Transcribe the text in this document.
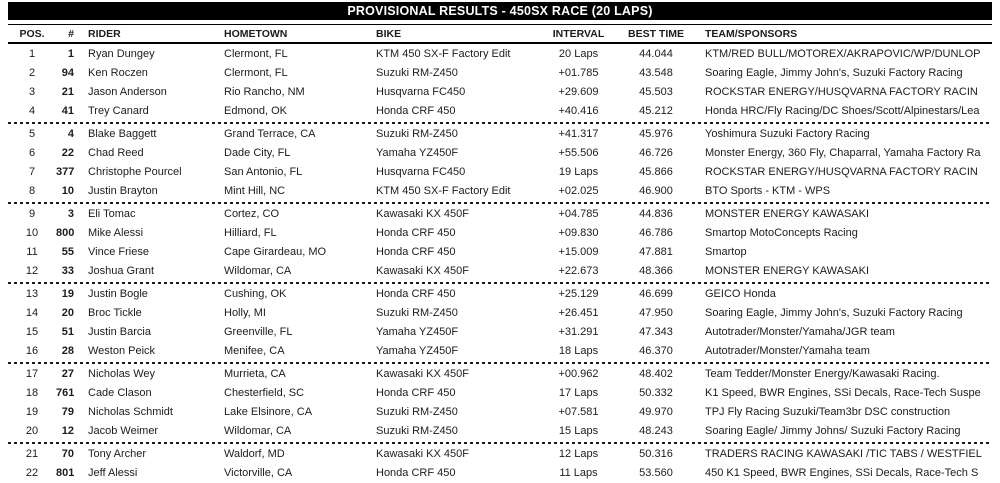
PROVISIONAL RESULTS - 450SX RACE (20 LAPS)
POS.	#	RIDER	HOMETOWN	BIKE	INTERVAL	BEST TIME	TEAM/SPONSORS
1	1	Ryan Dungey	Clermont, FL	KTM 450 SX-F Factory Edit	20 Laps	44.044	KTM/RED BULL/MOTOREX/AKRAPOVIC/WP/DUNLOP
2	94	Ken Roczen	Clermont, FL	Suzuki RM-Z450	+01.785	43.548	Soaring Eagle, Jimmy John's, Suzuki Factory Racing
3	21	Jason Anderson	Rio Rancho, NM	Husqvarna FC450	+29.609	45.503	ROCKSTAR ENERGY/HUSQVARNA FACTORY RACIN
4	41	Trey Canard	Edmond, OK	Honda CRF 450	+40.416	45.212	Honda HRC/Fly Racing/DC Shoes/Scott/Alpinestars/Lea
5	4	Blake Baggett	Grand Terrace, CA	Suzuki RM-Z450	+41.317	45.976	Yoshimura Suzuki Factory Racing
6	22	Chad Reed	Dade City, FL	Yamaha YZ450F	+55.506	46.726	Monster Energy, 360 Fly, Chaparral, Yamaha Factory Ra
7	377	Christophe Pourcel	San Antonio, FL	Husqvarna FC450	19 Laps	45.866	ROCKSTAR ENERGY/HUSQVARNA FACTORY RACIN
8	10	Justin Brayton	Mint Hill, NC	KTM 450 SX-F Factory Edit	+02.025	46.900	BTO Sports - KTM - WPS
9	3	Eli Tomac	Cortez, CO	Kawasaki KX 450F	+04.785	44.836	MONSTER ENERGY KAWASAKI
10	800	Mike Alessi	Hilliard, FL	Honda CRF 450	+09.830	46.786	Smartop MotoConcepts Racing
11	55	Vince Friese	Cape Girardeau, MO	Honda CRF 450	+15.009	47.881	Smartop
12	33	Joshua Grant	Wildomar, CA	Kawasaki KX 450F	+22.673	48.366	MONSTER ENERGY KAWASAKI
13	19	Justin Bogle	Cushing, OK	Honda CRF 450	+25.129	46.699	GEICO Honda
14	20	Broc Tickle	Holly, MI	Suzuki RM-Z450	+26.451	47.950	Soaring Eagle, Jimmy John's, Suzuki Factory Racing
15	51	Justin Barcia	Greenville, FL	Yamaha YZ450F	+31.291	47.343	Autotrader/Monster/Yamaha/JGR team
16	28	Weston Peick	Menifee, CA	Yamaha YZ450F	18 Laps	46.370	Autotrader/Monster/Yamaha team
17	27	Nicholas Wey	Murrieta, CA	Kawasaki KX 450F	+00.962	48.402	Team Tedder/Monster Energy/Kawasaki Racing.
18	761	Cade Clason	Chesterfield, SC	Honda CRF 450	17 Laps	50.332	K1 Speed, BWR Engines, SSi Decals, Race-Tech Suspe
19	79	Nicholas Schmidt	Lake Elsinore, CA	Suzuki RM-Z450	+07.581	49.970	TPJ Fly Racing Suzuki/Team3br DSC construction
20	12	Jacob Weimer	Wildomar, CA	Suzuki RM-Z450	15 Laps	48.243	Soaring Eagle/ Jimmy Johns/ Suzuki Factory Racing
21	70	Tony Archer	Waldorf, MD	Kawasaki KX 450F	12 Laps	50.316	TRADERS RACING KAWASAKI /TIC TABS / WESTFIEL
22	801	Jeff Alessi	Victorville, CA	Honda CRF 450	11 Laps	53.560	450 K1 Speed, BWR Engines, SSi Decals, Race-Tech S
